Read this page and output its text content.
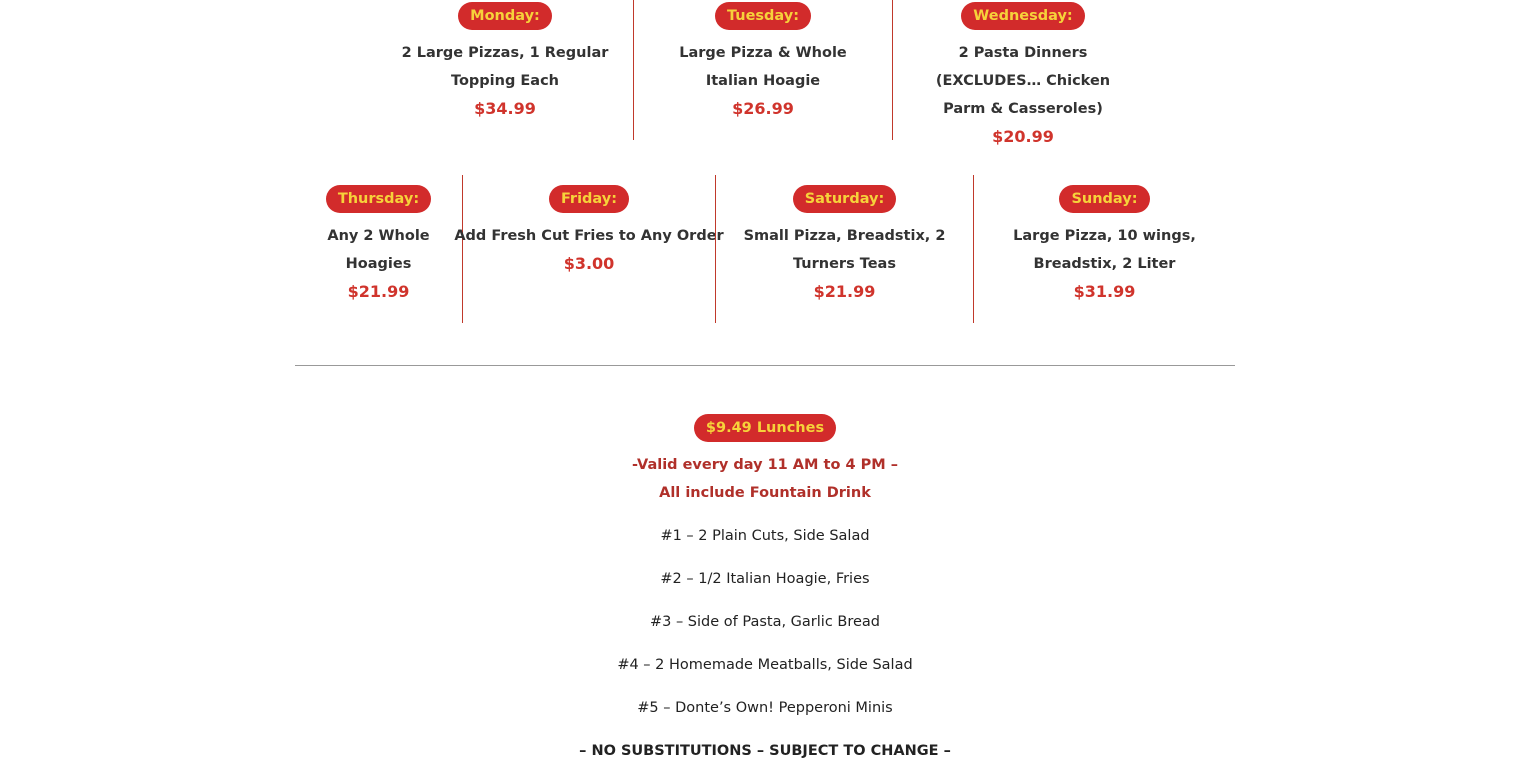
Monday:
2 Large Pizzas, 1 Regular Topping Each
$34.99
Tuesday:
Large Pizza & Whole Italian Hoagie
$26.99
Wednesday:
2 Pasta Dinners (EXCLUDES… Chicken Parm & Casseroles)
$20.99
Thursday:
Any 2 Whole Hoagies
$21.99
Friday:
Add Fresh Cut Fries to Any Order
$3.00
Saturday:
Small Pizza, Breadstix, 2 Turners Teas
$21.99
Sunday:
Large Pizza, 10 wings, Breadstix, 2 Liter
$31.99
$9.49 Lunches
-Valid every day 11 AM to 4 PM –
All include Fountain Drink
#1 – 2 Plain Cuts, Side Salad
#2 – 1/2 Italian Hoagie, Fries
#3 – Side of Pasta, Garlic Bread
#4 – 2 Homemade Meatballs, Side Salad
#5 – Donte’s Own! Pepperoni Minis
– NO SUBSTITUTIONS – SUBJECT TO CHANGE –
